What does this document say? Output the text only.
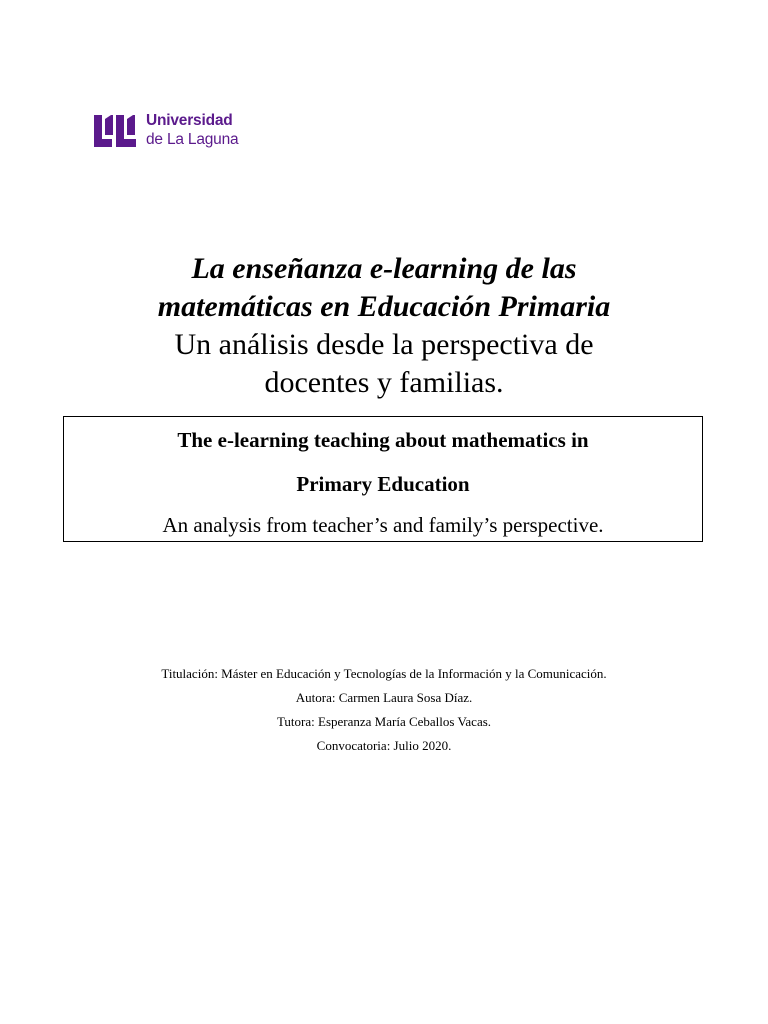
Universidad
de La Laguna
La enseñanza e-learning de las
matemáticas en Educación Primaria
Un análisis desde la perspectiva de
docentes y familias.
The e-learning teaching about mathematics in
Primary Education
An analysis from teacher’s and family’s perspective.
Titulación: Máster en Educación y Tecnologías de la Información y la Comunicación.
Autora: Carmen Laura Sosa Díaz.
Tutora: Esperanza María Ceballos Vacas.
Convocatoria: Julio 2020.
